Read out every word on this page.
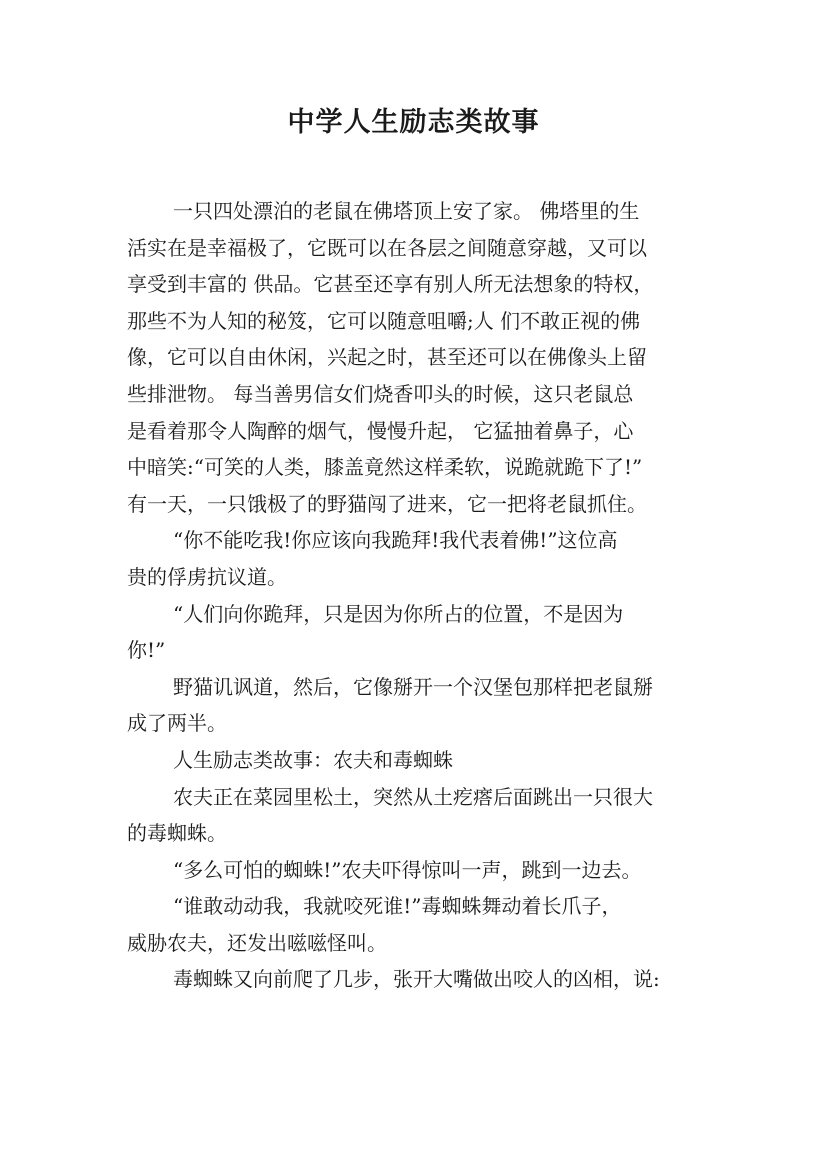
中学人生励志类故事
一只四处漂泊的老鼠在佛塔顶上安了家。 佛塔里的生
活实在是幸福极了，它既可以在各层之间随意穿越，又可以
享受到丰富的 供品。它甚至还享有别人所无法想象的特权，
那些不为人知的秘笈，它可以随意咀嚼;人 们不敢正视的佛
像，它可以自由休闲，兴起之时，甚至还可以在佛像头上留
些排泄物。 每当善男信女们烧香叩头的时候，这只老鼠总
是看着那令人陶醉的烟气，慢慢升起， 它猛抽着鼻子，心
中暗笑:“可笑的人类，膝盖竟然这样柔软，说跪就跪下了!”
有一天，一只饿极了的野猫闯了进来，它一把将老鼠抓住。
“你不能吃我!你应该向我跪拜!我代表着佛!”这位高
贵的俘虏抗议道。
“人们向你跪拜，只是因为你所占的位置，不是因为
你!”
野猫讥讽道，然后，它像掰开一个汉堡包那样把老鼠掰
成了两半。
人生励志类故事：农夫和毒蜘蛛
农夫正在菜园里松土，突然从土疙瘩后面跳出一只很大
的毒蜘蛛。
“多么可怕的蜘蛛!”农夫吓得惊叫一声，跳到一边去。
“谁敢动动我，我就咬死谁!”毒蜘蛛舞动着长爪子，
威胁农夫，还发出嗞嗞怪叫。
毒蜘蛛又向前爬了几步，张开大嘴做出咬人的凶相，说:
